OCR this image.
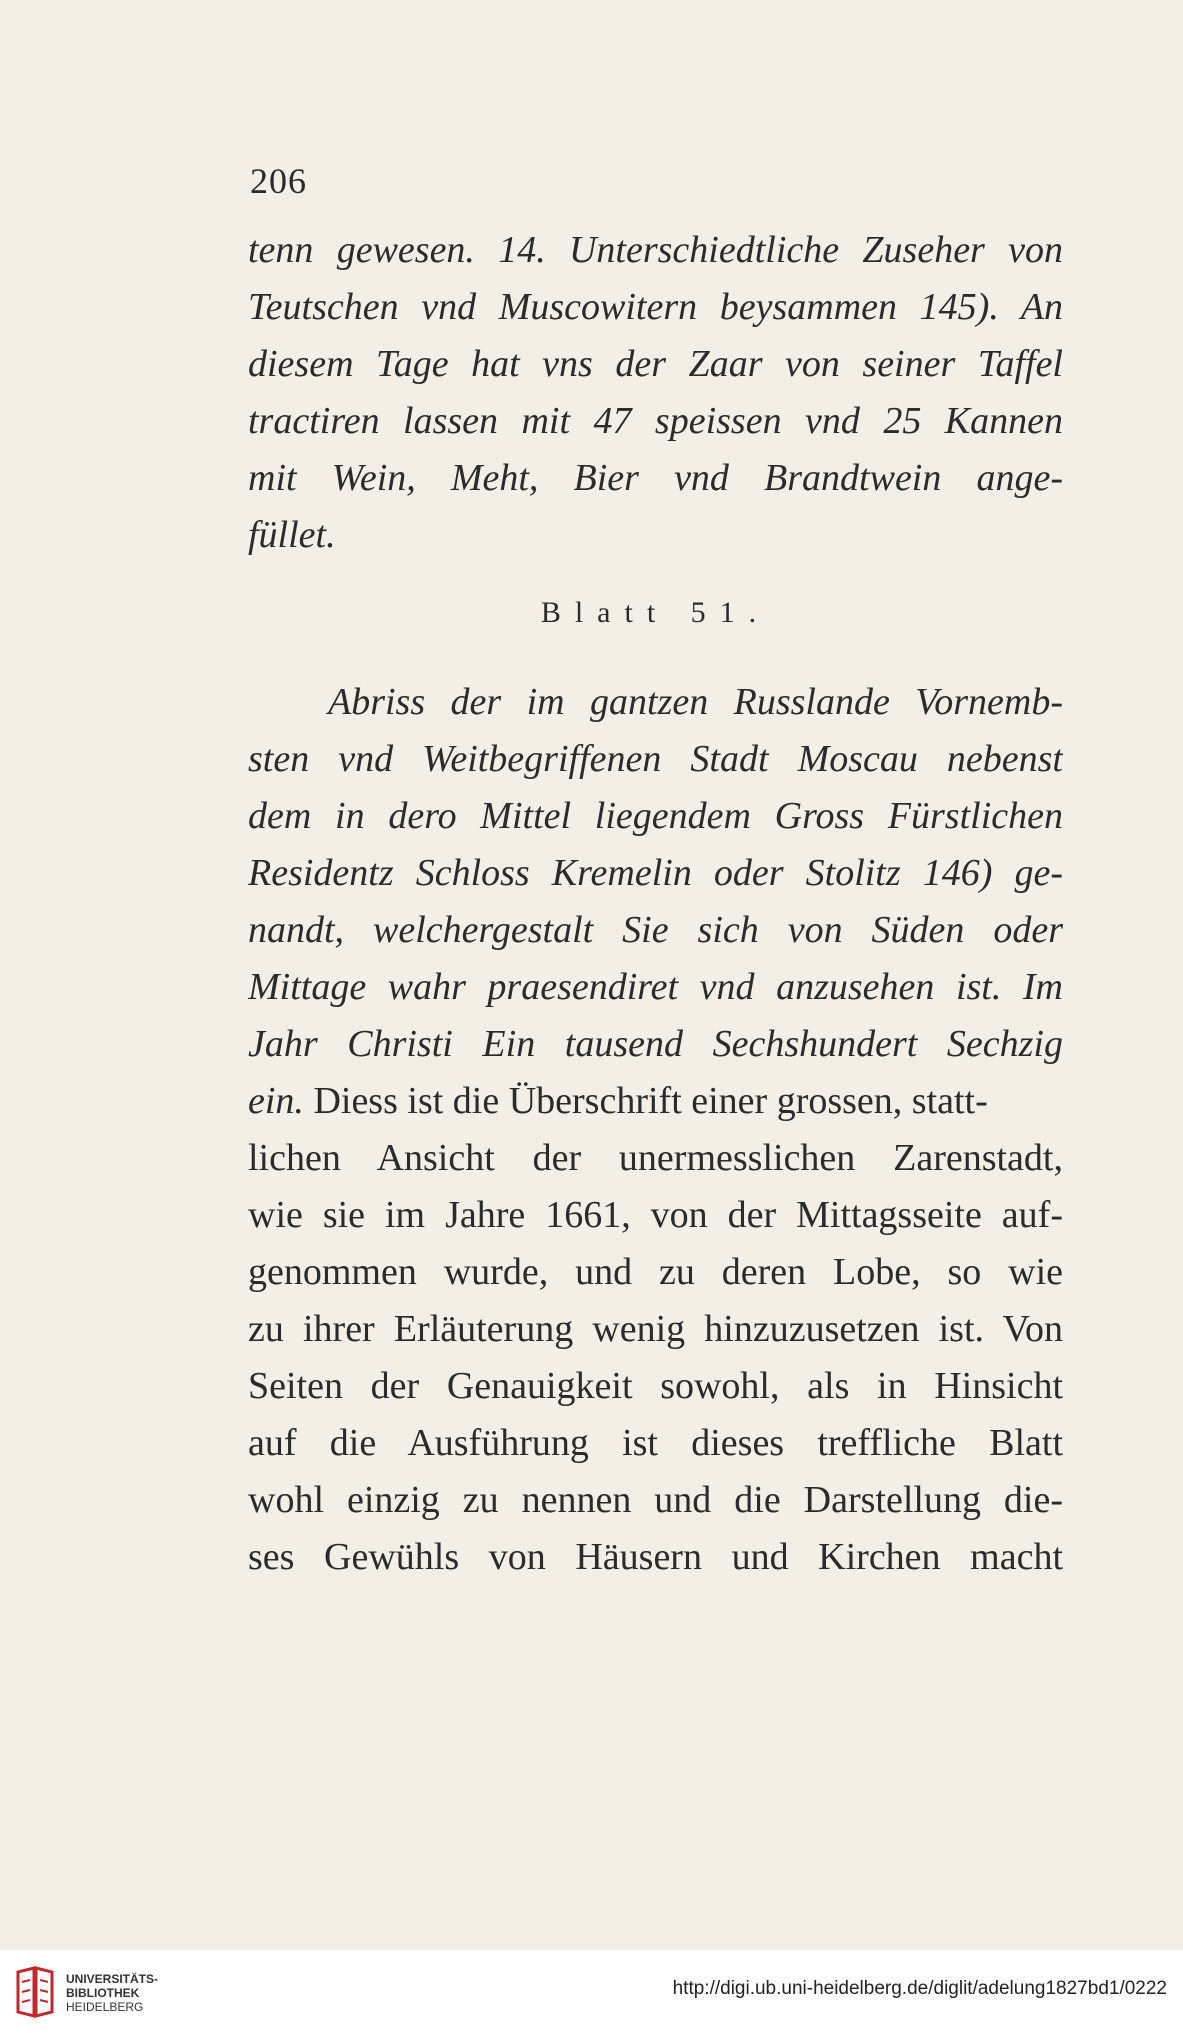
206
tenn gewesen. 14. Unterschiedtliche Zuseher von
Teutschen vnd Muscowitern beysammen 145). An
diesem Tage hat vns der Zaar von seiner Taffel
tractiren lassen mit 47 speissen vnd 25 Kannen
mit Wein, Meht, Bier vnd Brandtwein ange-
füllet.
Blatt 51.
Abriss der im gantzen Russlande Vornemb-
sten vnd Weitbegriffenen Stadt Moscau nebenst
dem in dero Mittel liegendem Gross Fürstlichen
Residentz Schloss Kremelin oder Stolitz 146) ge-
nandt, welchergestalt Sie sich von Süden oder
Mittage wahr praesendiret vnd anzusehen ist. Im
Jahr Christi Ein tausend Sechshundert Sechzig
ein. Diess ist die Überschrift einer grossen, statt-
lichen Ansicht der unermesslichen Zarenstadt,
wie sie im Jahre 1661, von der Mittagsseite auf-
genommen wurde, und zu deren Lobe, so wie
zu ihrer Erläuterung wenig hinzuzusetzen ist. Von
Seiten der Genauigkeit sowohl, als in Hinsicht
auf die Ausführung ist dieses treffliche Blatt
wohl einzig zu nennen und die Darstellung die-
ses Gewühls von Häusern und Kirchen macht
UNIVERSITÄTS-
BIBLIOTHEK
HEIDELBERG
http://digi.ub.uni-heidelberg.de/diglit/adelung1827bd1/0222
